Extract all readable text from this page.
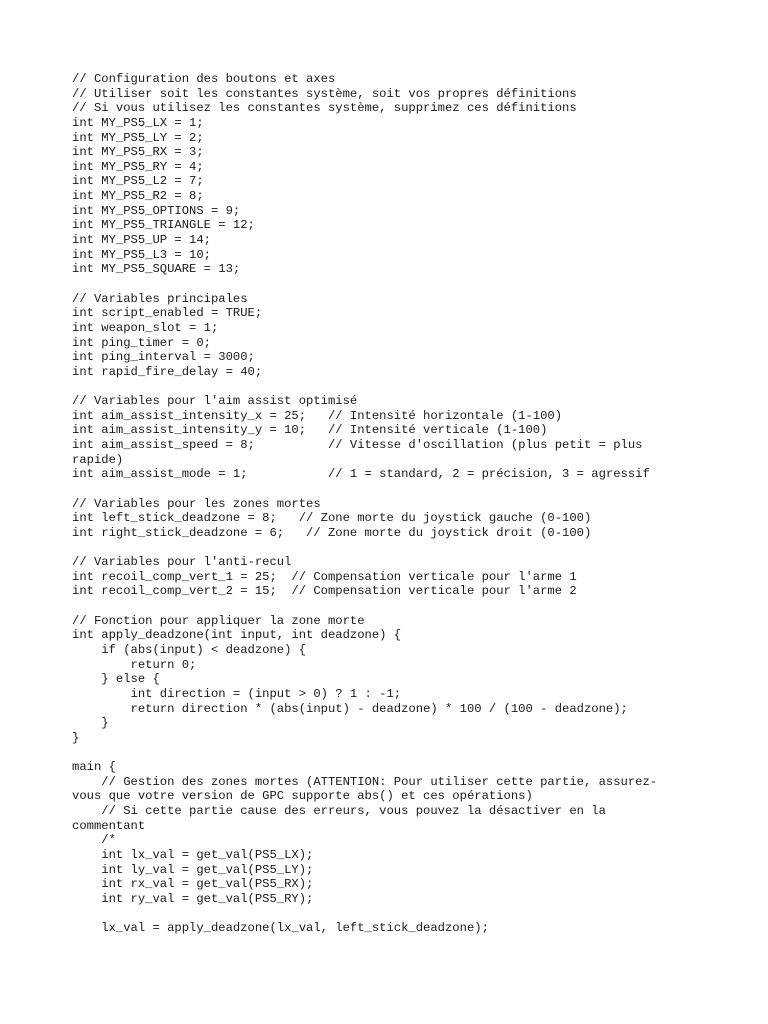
// Configuration des boutons et axes
// Utiliser soit les constantes système, soit vos propres définitions
// Si vous utilisez les constantes système, supprimez ces définitions
int MY_PS5_LX = 1;
int MY_PS5_LY = 2;
int MY_PS5_RX = 3;
int MY_PS5_RY = 4;
int MY_PS5_L2 = 7;
int MY_PS5_R2 = 8;
int MY_PS5_OPTIONS = 9;
int MY_PS5_TRIANGLE = 12;
int MY_PS5_UP = 14;
int MY_PS5_L3 = 10;
int MY_PS5_SQUARE = 13;
// Variables principales
int script_enabled = TRUE;
int weapon_slot = 1;
int ping_timer = 0;
int ping_interval = 3000;
int rapid_fire_delay = 40;
// Variables pour l'aim assist optimisé
int aim_assist_intensity_x = 25;   // Intensité horizontale (1-100)
int aim_assist_intensity_y = 10;   // Intensité verticale (1-100)
int aim_assist_speed = 8;          // Vitesse d'oscillation (plus petit = plus
rapide)
int aim_assist_mode = 1;           // 1 = standard, 2 = précision, 3 = agressif
// Variables pour les zones mortes
int left_stick_deadzone = 8;   // Zone morte du joystick gauche (0-100)
int right_stick_deadzone = 6;   // Zone morte du joystick droit (0-100)
// Variables pour l'anti-recul
int recoil_comp_vert_1 = 25;  // Compensation verticale pour l'arme 1
int recoil_comp_vert_2 = 15;  // Compensation verticale pour l'arme 2
// Fonction pour appliquer la zone morte
int apply_deadzone(int input, int deadzone) {
if (abs(input) < deadzone) {
return 0;
} else {
int direction = (input > 0) ? 1 : -1;
return direction * (abs(input) - deadzone) * 100 / (100 - deadzone);
}
}
main {
// Gestion des zones mortes (ATTENTION: Pour utiliser cette partie, assurez-
vous que votre version de GPC supporte abs() et ces opérations)
// Si cette partie cause des erreurs, vous pouvez la désactiver en la
commentant
/*
int lx_val = get_val(PS5_LX);
int ly_val = get_val(PS5_LY);
int rx_val = get_val(PS5_RX);
int ry_val = get_val(PS5_RY);
lx_val = apply_deadzone(lx_val, left_stick_deadzone);
